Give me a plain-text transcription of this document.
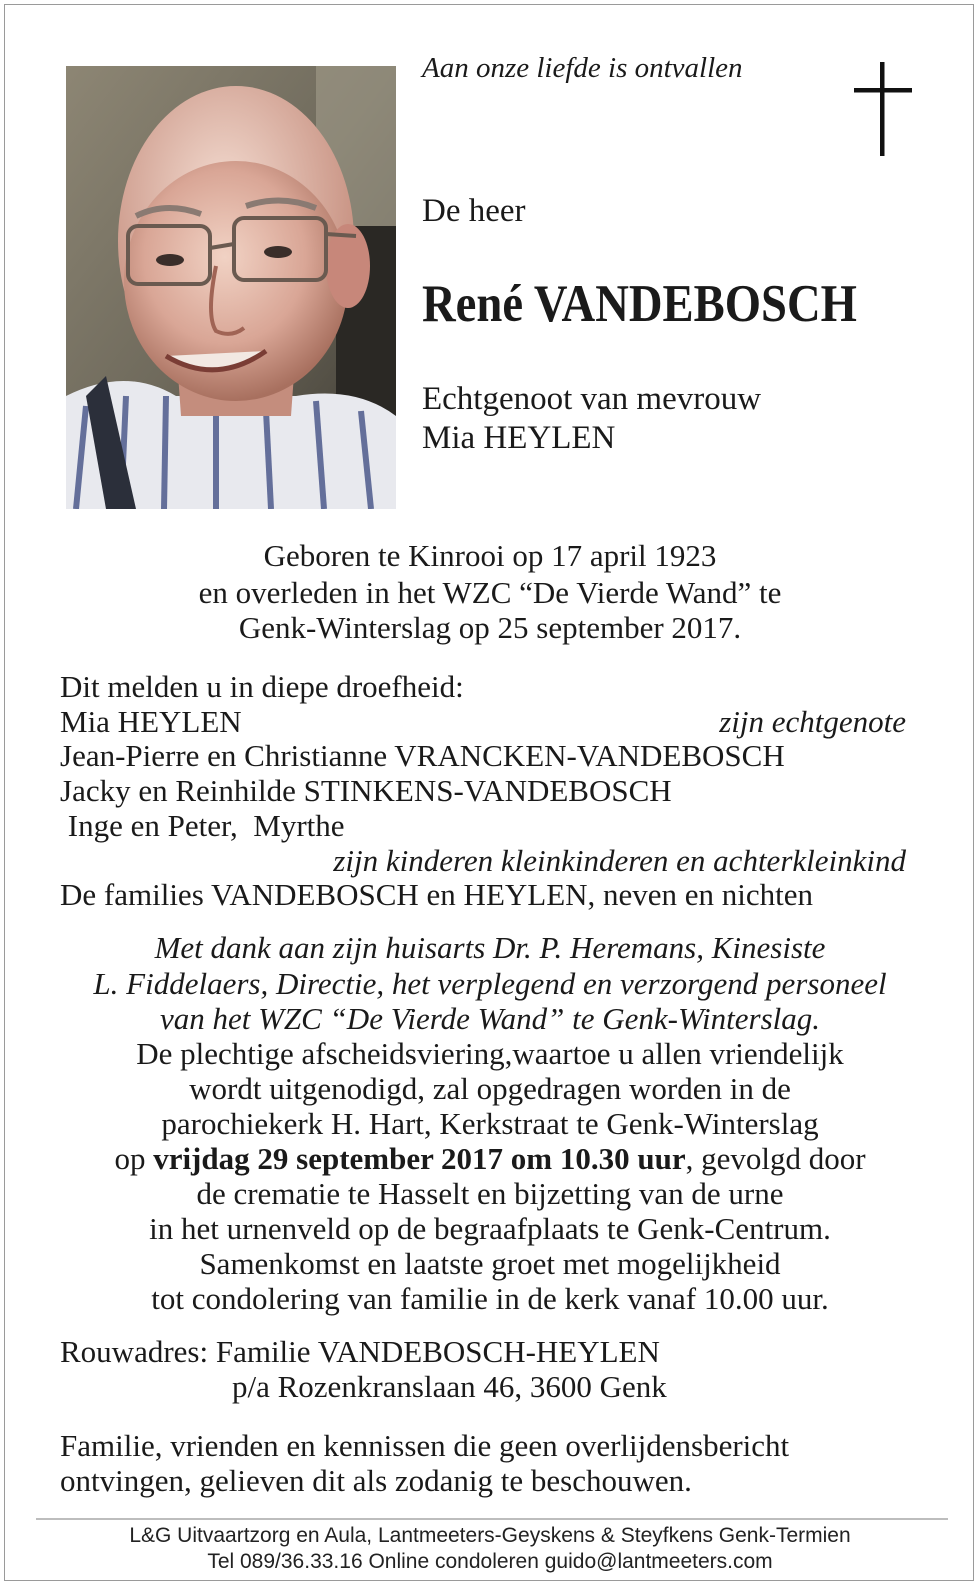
Aan onze liefde is ontvallen
De heer
René VANDEBOSCH
Echtgenoot van mevrouw
Mia HEYLEN
Geboren te Kinrooi op 17 april 1923
en overleden in het WZC “De Vierde Wand” te
Genk-Winterslag op 25 september 2017.
Dit melden u in diepe droefheid:
Mia HEYLEN	zijn echtgenote
Jean-Pierre en Christianne VRANCKEN-VANDEBOSCH
Jacky en Reinhilde STINKENS-VANDEBOSCH
Inge en Peter,  Myrthe
zijn kinderen kleinkinderen en achterkleinkind
De families VANDEBOSCH en HEYLEN, neven en nichten
Met dank aan zijn huisarts Dr. P. Heremans, Kinesiste
L. Fiddelaers, Directie, het verplegend en verzorgend personeel
van het WZC “De Vierde Wand” te Genk-Winterslag.
De plechtige afscheidsviering,waartoe u allen vriendelijk
wordt uitgenodigd, zal opgedragen worden in de
parochiekerk H. Hart, Kerkstraat te Genk-Winterslag
op vrijdag 29 september 2017 om 10.30 uur, gevolgd door
de crematie te Hasselt en bijzetting van de urne
in het urnenveld op de begraafplaats te Genk-Centrum.
Samenkomst en laatste groet met mogelijkheid
tot condolering van familie in de kerk vanaf 10.00 uur.
Rouwadres: Familie VANDEBOSCH-HEYLEN
p/a Rozenkranslaan 46, 3600 Genk
Familie, vrienden en kennissen die geen overlijdensbericht
ontvingen, gelieven dit als zodanig te beschouwen.
L&G Uitvaartzorg en Aula, Lantmeeters-Geyskens & Steyfkens Genk-Termien
Tel 089/36.33.16 Online condoleren guido@lantmeeters.com
